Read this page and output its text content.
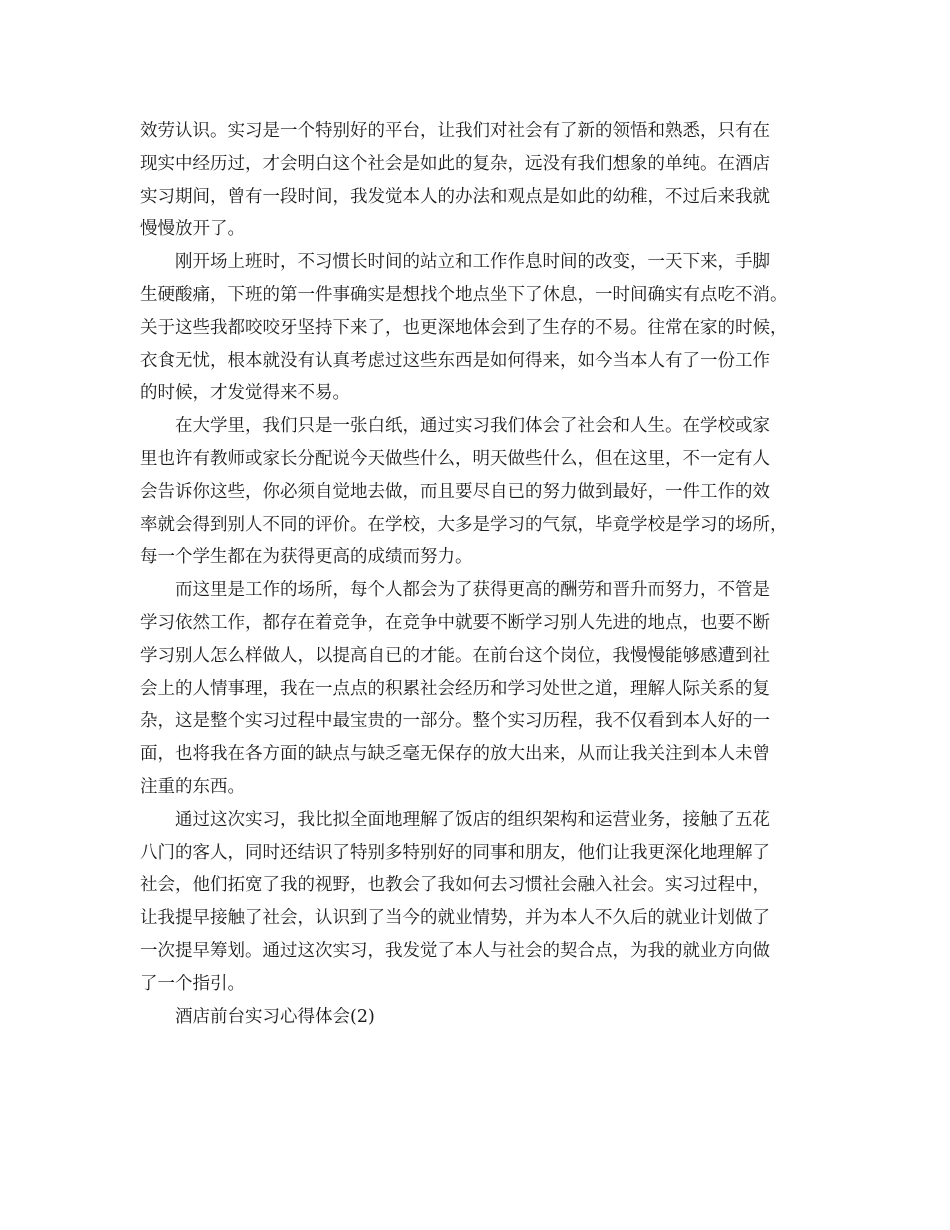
效劳认识。实习是一个特别好的平台，让我们对社会有了新的领悟和熟悉，只有在
现实中经历过，才会明白这个社会是如此的复杂，远没有我们想象的单纯。在酒店
实习期间，曾有一段时间，我发觉本人的办法和观点是如此的幼稚，不过后来我就
慢慢放开了。
刚开场上班时，不习惯长时间的站立和工作作息时间的改变，一天下来，手脚
生硬酸痛，下班的第一件事确实是想找个地点坐下了休息，一时间确实有点吃不消。
关于这些我都咬咬牙坚持下来了，也更深地体会到了生存的不易。往常在家的时候，
衣食无忧，根本就没有认真考虑过这些东西是如何得来，如今当本人有了一份工作
的时候，才发觉得来不易。
在大学里，我们只是一张白纸，通过实习我们体会了社会和人生。在学校或家
里也许有教师或家长分配说今天做些什么，明天做些什么，但在这里，不一定有人
会告诉你这些，你必须自觉地去做，而且要尽自已的努力做到最好，一件工作的效
率就会得到别人不同的评价。在学校，大多是学习的气氛，毕竟学校是学习的场所，
每一个学生都在为获得更高的成绩而努力。
而这里是工作的场所，每个人都会为了获得更高的酬劳和晋升而努力，不管是
学习依然工作，都存在着竞争，在竞争中就要不断学习别人先进的地点，也要不断
学习别人怎么样做人，以提高自已的才能。在前台这个岗位，我慢慢能够感遭到社
会上的人情事理，我在一点点的积累社会经历和学习处世之道，理解人际关系的复
杂，这是整个实习过程中最宝贵的一部分。整个实习历程，我不仅看到本人好的一
面，也将我在各方面的缺点与缺乏毫无保存的放大出来，从而让我关注到本人未曾
注重的东西。
通过这次实习，我比拟全面地理解了饭店的组织架构和运营业务，接触了五花
八门的客人，同时还结识了特别多特别好的同事和朋友，他们让我更深化地理解了
社会，他们拓宽了我的视野，也教会了我如何去习惯社会融入社会。实习过程中，
让我提早接触了社会，认识到了当今的就业情势，并为本人不久后的就业计划做了
一次提早筹划。通过这次实习，我发觉了本人与社会的契合点，为我的就业方向做
了一个指引。
酒店前台实习心得体会(2)
